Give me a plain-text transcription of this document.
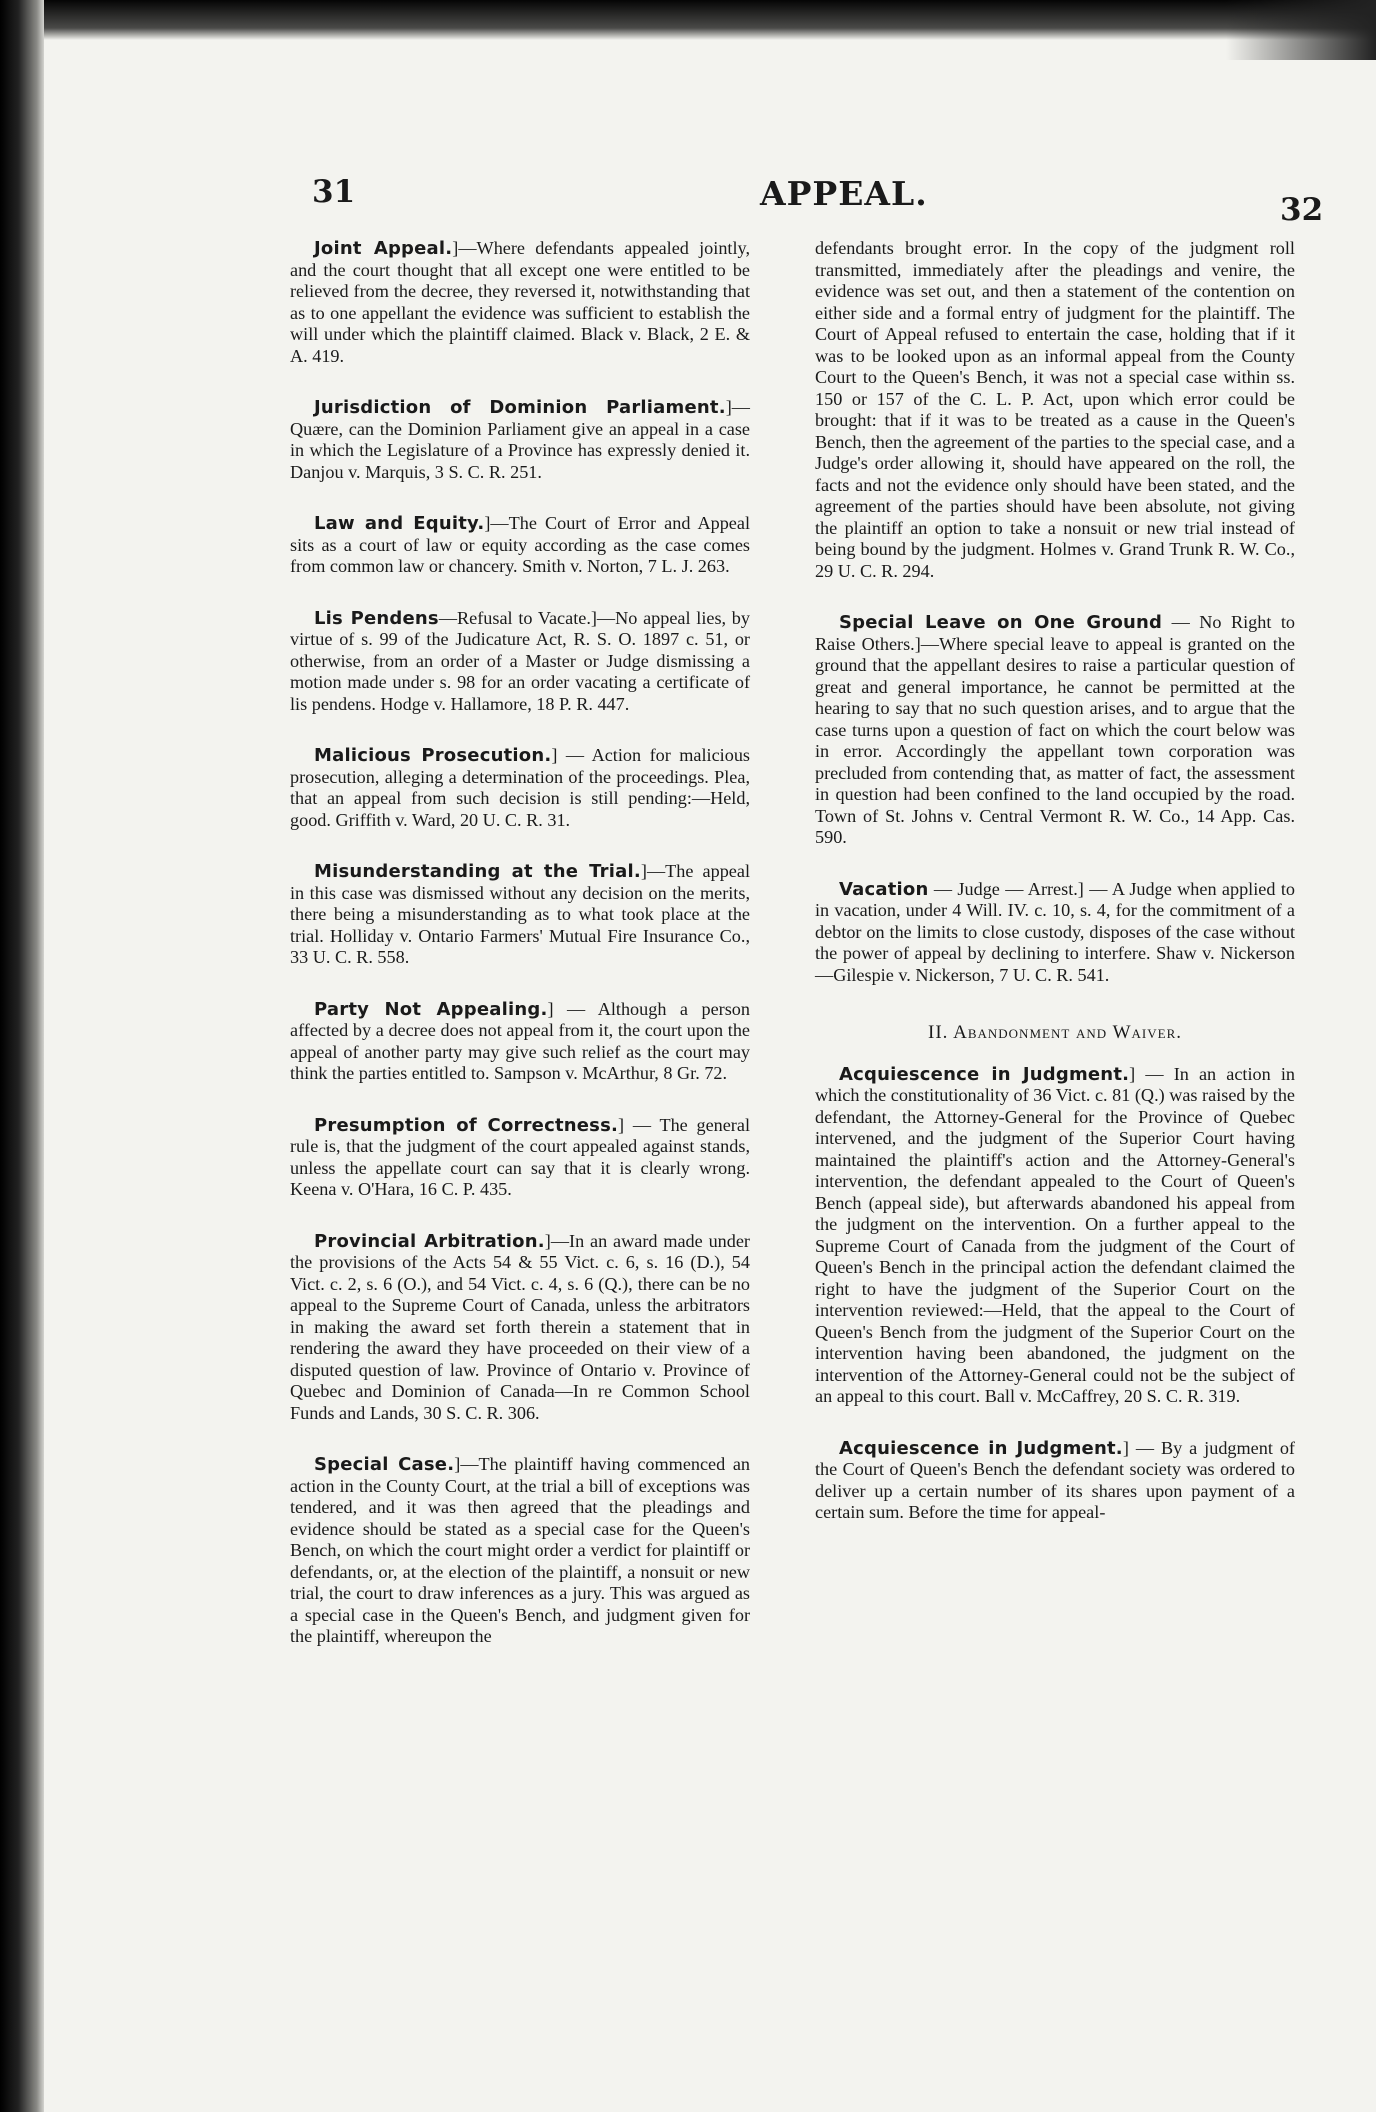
31	APPEAL.	32

Joint Appeal.]—Where defendants appealed jointly, and the court thought that all except one were entitled to be relieved from the decree, they reversed it, notwithstanding that as to one appellant the evidence was sufficient to establish the will under which the plaintiff claimed. Black v. Black, 2 E. & A. 419.

Jurisdiction of Dominion Parliament.]—Quære, can the Dominion Parliament give an appeal in a case in which the Legislature of a Province has expressly denied it. Danjou v. Marquis, 3 S. C. R. 251.

Law and Equity.]—The Court of Error and Appeal sits as a court of law or equity according as the case comes from common law or chancery. Smith v. Norton, 7 L. J. 263.

Lis Pendens—Refusal to Vacate.]—No appeal lies, by virtue of s. 99 of the Judicature Act, R. S. O. 1897 c. 51, or otherwise, from an order of a Master or Judge dismissing a motion made under s. 98 for an order vacating a certificate of lis pendens. Hodge v. Hallamore, 18 P. R. 447.

Malicious Prosecution.] — Action for malicious prosecution, alleging a determination of the proceedings. Plea, that an appeal from such decision is still pending:—Held, good. Griffith v. Ward, 20 U. C. R. 31.

Misunderstanding at the Trial.]—The appeal in this case was dismissed without any decision on the merits, there being a misunderstanding as to what took place at the trial. Holliday v. Ontario Farmers' Mutual Fire Insurance Co., 33 U. C. R. 558.

Party Not Appealing.] — Although a person affected by a decree does not appeal from it, the court upon the appeal of another party may give such relief as the court may think the parties entitled to. Sampson v. McArthur, 8 Gr. 72.

Presumption of Correctness.] — The general rule is, that the judgment of the court appealed against stands, unless the appellate court can say that it is clearly wrong. Keena v. O'Hara, 16 C. P. 435.

Provincial Arbitration.]—In an award made under the provisions of the Acts 54 & 55 Vict. c. 6, s. 16 (D.), 54 Vict. c. 2, s. 6 (O.), and 54 Vict. c. 4, s. 6 (Q.), there can be no appeal to the Supreme Court of Canada, unless the arbitrators in making the award set forth therein a statement that in rendering the award they have proceeded on their view of a disputed question of law. Province of Ontario v. Province of Quebec and Dominion of Canada—In re Common School Funds and Lands, 30 S. C. R. 306.

Special Case.]—The plaintiff having commenced an action in the County Court, at the trial a bill of exceptions was tendered, and it was then agreed that the pleadings and evidence should be stated as a special case for the Queen's Bench, on which the court might order a verdict for plaintiff or defendants, or, at the election of the plaintiff, a nonsuit or new trial, the court to draw inferences as a jury. This was argued as a special case in the Queen's Bench, and judgment given for the plaintiff, whereupon the

defendants brought error. In the copy of the judgment roll transmitted, immediately after the pleadings and venire, the evidence was set out, and then a statement of the contention on either side and a formal entry of judgment for the plaintiff. The Court of Appeal refused to entertain the case, holding that if it was to be looked upon as an informal appeal from the County Court to the Queen's Bench, it was not a special case within ss. 150 or 157 of the C. L. P. Act, upon which error could be brought: that if it was to be treated as a cause in the Queen's Bench, then the agreement of the parties to the special case, and a Judge's order allowing it, should have appeared on the roll, the facts and not the evidence only should have been stated, and the agreement of the parties should have been absolute, not giving the plaintiff an option to take a nonsuit or new trial instead of being bound by the judgment. Holmes v. Grand Trunk R. W. Co., 29 U. C. R. 294.

Special Leave on One Ground — No Right to Raise Others.]—Where special leave to appeal is granted on the ground that the appellant desires to raise a particular question of great and general importance, he cannot be permitted at the hearing to say that no such question arises, and to argue that the case turns upon a question of fact on which the court below was in error. Accordingly the appellant town corporation was precluded from contending that, as matter of fact, the assessment in question had been confined to the land occupied by the road. Town of St. Johns v. Central Vermont R. W. Co., 14 App. Cas. 590.

Vacation — Judge — Arrest.] — A Judge when applied to in vacation, under 4 Will. IV. c. 10, s. 4, for the commitment of a debtor on the limits to close custody, disposes of the case without the power of appeal by declining to interfere. Shaw v. Nickerson—Gilespie v. Nickerson, 7 U. C. R. 541.

II. Abandonment and Waiver.

Acquiescence in Judgment.] — In an action in which the constitutionality of 36 Vict. c. 81 (Q.) was raised by the defendant, the Attorney-General for the Province of Quebec intervened, and the judgment of the Superior Court having maintained the plaintiff's action and the Attorney-General's intervention, the defendant appealed to the Court of Queen's Bench (appeal side), but afterwards abandoned his appeal from the judgment on the intervention. On a further appeal to the Supreme Court of Canada from the judgment of the Court of Queen's Bench in the principal action the defendant claimed the right to have the judgment of the Superior Court on the intervention reviewed:—Held, that the appeal to the Court of Queen's Bench from the judgment of the Superior Court on the intervention having been abandoned, the judgment on the intervention of the Attorney-General could not be the subject of an appeal to this court. Ball v. McCaffrey, 20 S. C. R. 319.

Acquiescence in Judgment.] — By a judgment of the Court of Queen's Bench the defendant society was ordered to deliver up a certain number of its shares upon payment of a certain sum. Before the time for appeal-
